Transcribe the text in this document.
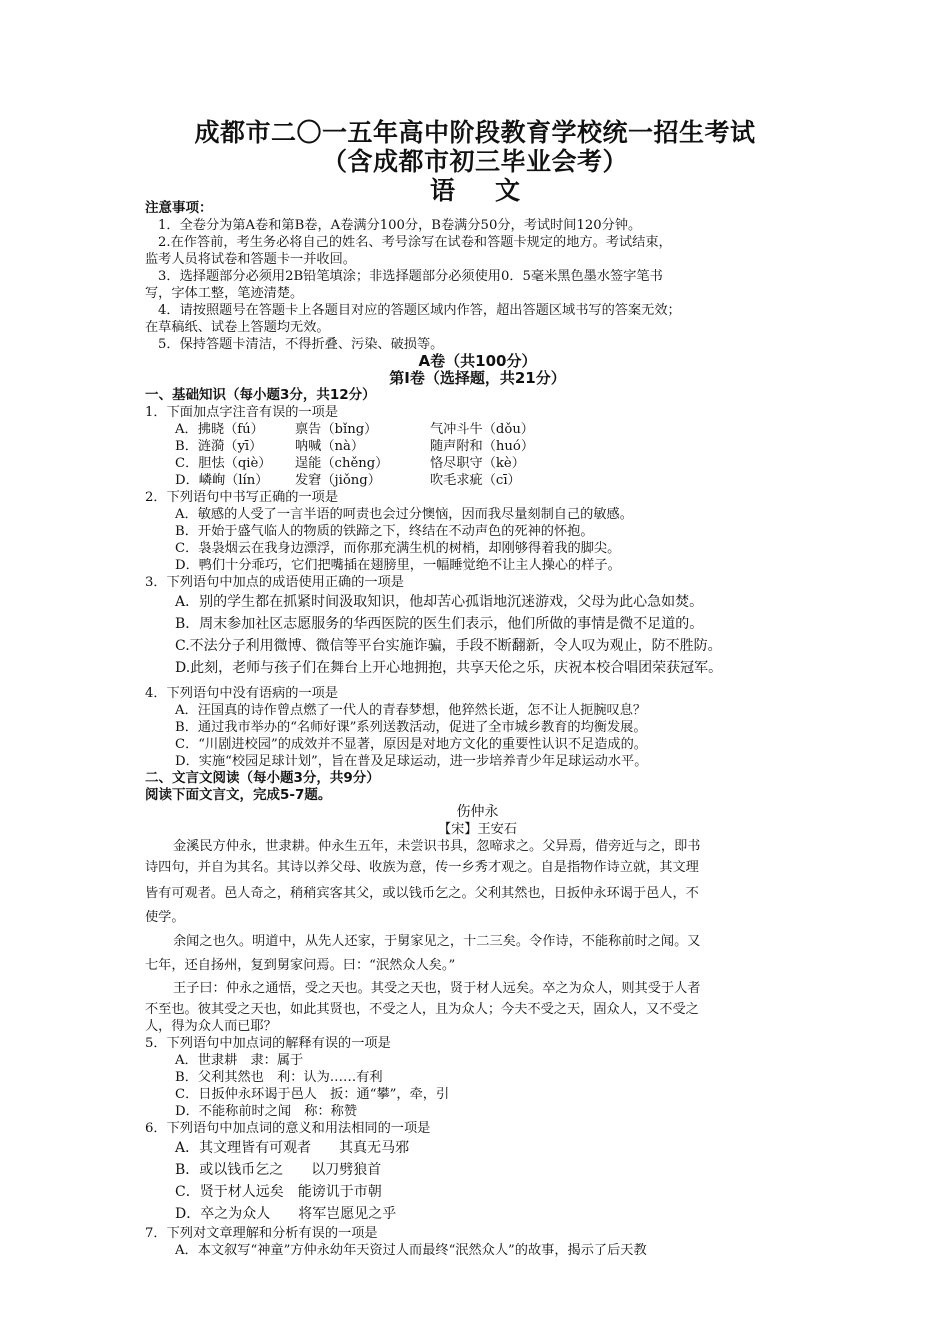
成都市二〇一五年高中阶段教育学校统一招生考试
（含成都市初三毕业会考）
语文
注意事项：
1．全卷分为第A卷和第B卷，A卷满分100分，B卷满分50分，考试时间120分钟。
2.在作答前，考生务必将自己的姓名、考号涂写在试卷和答题卡规定的地方。考试结束，
监考人员将试卷和答题卡一并收回。
3．选择题部分必须用2B铅笔填涂；非选择题部分必须使用0．5毫米黑色墨水签字笔书
写，字体工整，笔迹清楚。
4．请按照题号在答题卡上各题目对应的答题区域内作答，超出答题区域书写的答案无效；
在草稿纸、试卷上答题均无效。
5．保持答题卡清洁，不得折叠、污染、破损等。
A卷（共100分）
第Ⅰ卷（选择题，共21分）
一、基础知识（每小题3分，共12分）
1．下面加点字注音有误的一项是
A．拂晓（fú）	禀告（bǐng）	气冲斗牛（dǒu）
B．涟漪（yī）	呐喊（nà）	随声附和（huó）
C．胆怯（qiè）	逞能（chěng）	恪尽职守（kè）
D．嶙峋（lín）	发窘（jiǒng）	吹毛求疵（cī）
2．下列语句中书写正确的一项是
A．敏感的人受了一言半语的呵责也会过分懊恼，因而我尽量刻制自己的敏感。
B．开始于盛气临人的物质的铁蹄之下，终结在不动声色的死神的怀抱。
C．袅袅烟云在我身边漂浮，而你那充满生机的树梢，却刚够得着我的脚尖。
D．鸭们十分乖巧，它们把嘴插在翅膀里，一幅睡觉绝不让主人操心的样子。
3．下列语句中加点的成语使用正确的一项是
A．别的学生都在抓紧时间汲取知识，他却苦心孤诣地沉迷游戏，父母为此心急如焚。
B．周末参加社区志愿服务的华西医院的医生们表示，他们所做的事情是微不足道的。
C.不法分子利用微博、微信等平台实施诈骗，手段不断翻新，令人叹为观止，防不胜防。
D.此刻，老师与孩子们在舞台上开心地拥抱，共享天伦之乐，庆祝本校合唱团荣获冠军。
4．下列语句中没有语病的一项是
A．汪国真的诗作曾点燃了一代人的青春梦想，他猝然长逝，怎不让人扼腕叹息？
B．通过我市举办的“名师好课”系列送教活动，促进了全市城乡教育的均衡发展。
C．“川剧进校园”的成效并不显著，原因是对地方文化的重要性认识不足造成的。
D．实施“校园足球计划”，旨在普及足球运动，进一步培养青少年足球运动水平。
二、文言文阅读（每小题3分，共9分）
阅读下面文言文，完成5-7题。
伤仲永
【宋】王安石
金溪民方仲永，世隶耕。仲永生五年，未尝识书具，忽啼求之。父异焉，借旁近与之，即书
诗四句，并自为其名。其诗以养父母、收族为意，传一乡秀才观之。自是指物作诗立就，其文理
皆有可观者。邑人奇之，稍稍宾客其父，或以钱币乞之。父利其然也，日扳仲永环谒于邑人，不
使学。
余闻之也久。明道中，从先人还家，于舅家见之，十二三矣。令作诗，不能称前时之闻。又
七年，还自扬州，复到舅家问焉。曰：“泯然众人矣。”
王子曰：仲永之通悟，受之天也。其受之天也，贤于材人远矣。卒之为众人，则其受于人者
不至也。彼其受之天也，如此其贤也，不受之人，且为众人；今夫不受之天，固众人，又不受之
人，得为众人而已耶？
5．下列语句中加点词的解释有误的一项是
A．世隶耕　隶：属于
B．父利其然也　利：认为……有利
C．日扳仲永环谒于邑人　扳：通“攀”，牵，引
D．不能称前时之闻　称：称赞
6．下列语句中加点词的意义和用法相同的一项是
A．其文理皆有可观者　　其真无马邪
B．或以钱币乞之　　以刀劈狼首
C．贤于材人远矣　能谤讥于市朝
D．卒之为众人　　将军岂愿见之乎
7．下列对文章理解和分析有误的一项是
A．本文叙写“神童”方仲永幼年天资过人而最终“泯然众人”的故事，揭示了后天教
